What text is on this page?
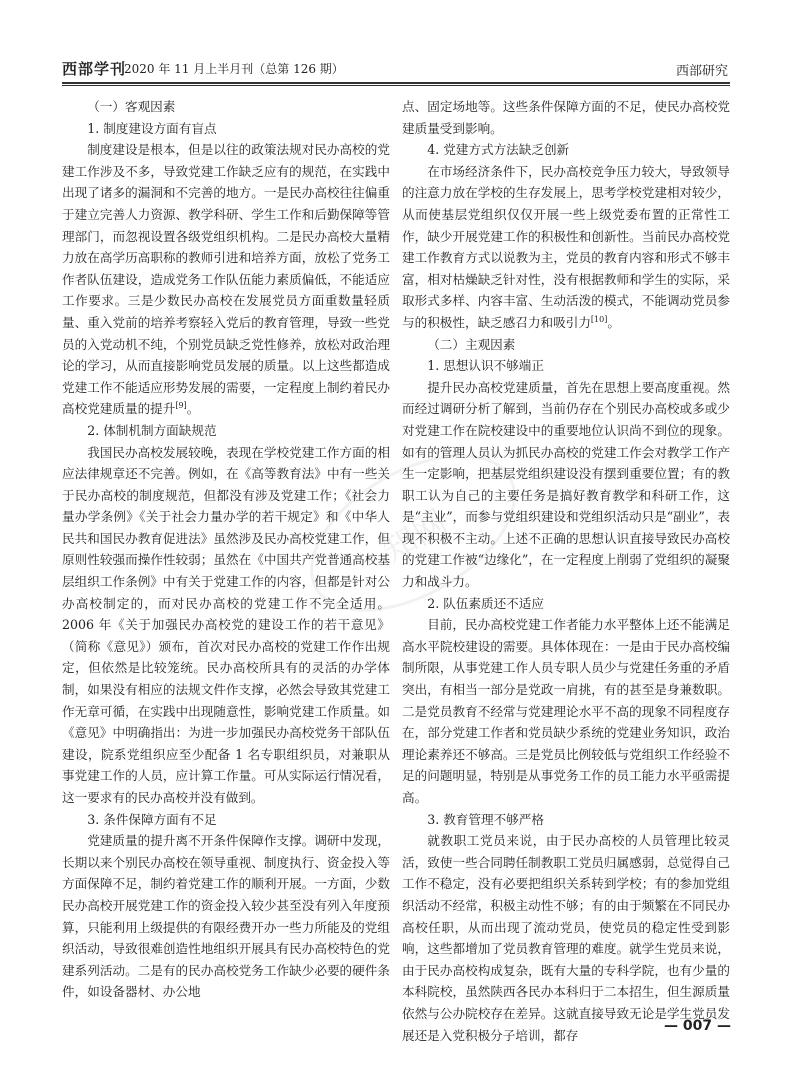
西部学刊
2020 年 11 月上半月刊（总第 126 期）	西部研究
知网

（一）客观因素

1. 制度建设方面有盲点

制度建设是根本，但是以往的政策法规对民办高校的党建工作涉及不多，导致党建工作缺乏应有的规范，在实践中出现了诸多的漏洞和不完善的地方。一是民办高校往往偏重于建立完善人力资源、教学科研、学生工作和后勤保障等管理部门，而忽视设置各级党组织机构。二是民办高校大量精力放在高学历高职称的教师引进和培养方面，放松了党务工作者队伍建设，造成党务工作队伍能力素质偏低，不能适应工作要求。三是少数民办高校在发展党员方面重数量轻质量、重入党前的培养考察轻入党后的教育管理，导致一些党员的入党动机不纯，个别党员缺乏党性修养，放松对政治理论的学习，从而直接影响党员发展的质量。以上这些都造成党建工作不能适应形势发展的需要，一定程度上制约着民办高校党建质量的提升[9]。

2. 体制机制方面缺规范

我国民办高校发展较晚，表现在学校党建工作方面的相应法律规章还不完善。例如，在《高等教育法》中有一些关于民办高校的制度规范，但都没有涉及党建工作；《社会力量办学条例》《关于社会力量办学的若干规定》和《中华人民共和国民办教育促进法》虽然涉及民办高校党建工作，但原则性较强而操作性较弱；虽然在《中国共产党普通高校基层组织工作条例》中有关于党建工作的内容，但都是针对公办高校制定的，而对民办高校的党建工作不完全适用。2006 年《关于加强民办高校党的建设工作的若干意见》（简称《意见》）颁布，首次对民办高校的党建工作作出规定，但依然是比较笼统。民办高校所具有的灵活的办学体制，如果没有相应的法规文件作支撑，必然会导致其党建工作无章可循，在实践中出现随意性，影响党建工作质量。如《意见》中明确指出：为进一步加强民办高校党务干部队伍建设，院系党组织应至少配备 1 名专职组织员，对兼职从事党建工作的人员，应计算工作量。可从实际运行情况看，这一要求有的民办高校并没有做到。

3. 条件保障方面有不足

党建质量的提升离不开条件保障作支撑。调研中发现，长期以来个别民办高校在领导重视、制度执行、资金投入等方面保障不足，制约着党建工作的顺利开展。一方面，少数民办高校开展党建工作的资金投入较少甚至没有列入年度预算，只能利用上级提供的有限经费开办一些力所能及的党组织活动，导致很难创造性地组织开展具有民办高校特色的党建系列活动。二是有的民办高校党务工作缺少必要的硬件条件，如设备器材、办公地

点、固定场地等。这些条件保障方面的不足，使民办高校党建质量受到影响。

4. 党建方式方法缺乏创新

在市场经济条件下，民办高校竞争压力较大，导致领导的注意力放在学校的生存发展上，思考学校党建相对较少，从而使基层党组织仅仅开展一些上级党委布置的正常性工作，缺少开展党建工作的积极性和创新性。当前民办高校党建工作教育方式以说教为主，党员的教育内容和形式不够丰富，相对枯燥缺乏针对性，没有根据教师和学生的实际，采取形式多样、内容丰富、生动活泼的模式，不能调动党员参与的积极性，缺乏感召力和吸引力[10]。

（二）主观因素

1. 思想认识不够端正

提升民办高校党建质量，首先在思想上要高度重视。然而经过调研分析了解到，当前仍存在个别民办高校或多或少对党建工作在院校建设中的重要地位认识尚不到位的现象。如有的管理人员认为抓民办高校的党建工作会对教学工作产生一定影响，把基层党组织建设没有摆到重要位置；有的教职工认为自己的主要任务是搞好教育教学和科研工作，这是“主业”，而参与党组织建设和党组织活动只是“副业”，表现不积极不主动。上述不正确的思想认识直接导致民办高校的党建工作被“边缘化”，在一定程度上削弱了党组织的凝聚力和战斗力。

2. 队伍素质还不适应

目前，民办高校党建工作者能力水平整体上还不能满足高水平院校建设的需要。具体体现在：一是由于民办高校编制所限，从事党建工作人员专职人员少与党建任务重的矛盾突出，有相当一部分是党政一肩挑，有的甚至是身兼数职。二是党员教育不经常与党建理论水平不高的现象不同程度存在，部分党建工作者和党员缺少系统的党建业务知识，政治理论素养还不够高。三是党员比例较低与党组织工作经验不足的问题明显，特别是从事党务工作的员工能力水平亟需提高。

3. 教育管理不够严格

就教职工党员来说，由于民办高校的人员管理比较灵活，致使一些合同聘任制教职工党员归属感弱，总觉得自己工作不稳定，没有必要把组织关系转到学校；有的参加党组织活动不经常，积极主动性不够；有的由于频繁在不同民办高校任职，从而出现了流动党员，使党员的稳定性受到影响，这些都增加了党员教育管理的难度。就学生党员来说，由于民办高校构成复杂，既有大量的专科学院，也有少量的本科院校，虽然陕西各民办本科归于二本招生，但生源质量依然与公办院校存在差异。这就直接导致无论是学生党员发展还是入党积极分子培训，都存

— 007 —
